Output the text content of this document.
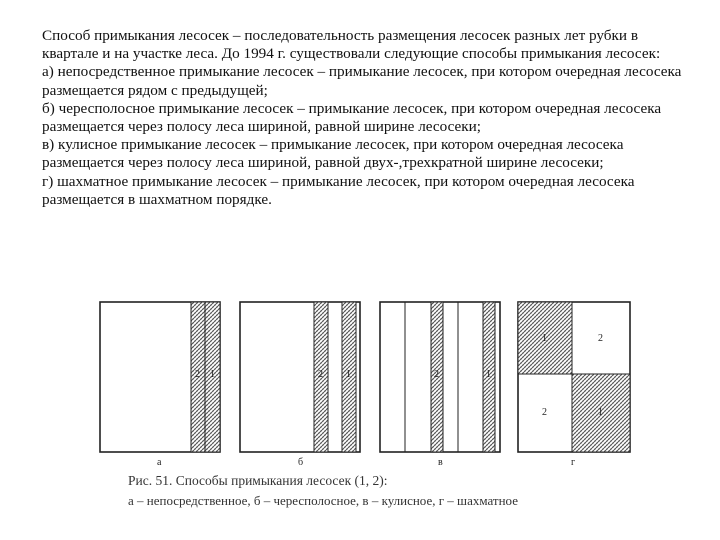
Способ примыкания лесосек – последовательность размещения лесосек разных лет рубки в квартале и на участке леса. До 1994 г. существовали следующие способы примыкания лесосек:

а) непосредственное примыкание лесосек – примыкание лесосек, при котором очередная лесосека размещается рядом с предыдущей;

б) чересполосное примыкание лесосек – примыкание лесосек, при котором очередная лесосека размещается через полосу леса шириной, равной ширине лесосеки;

в) кулисное примыкание лесосек – примыкание лесосек, при котором очередная лесосека размещается через полосу леса шириной, равной двух-,трехкратной ширине лесосеки;

г) шахматное примыкание лесосек – примыкание лесосек, при котором очередная лесосека размещается в шахматном порядке.

2 1	2 1	2	1
1	2
2	1
а	б	в	г
Рис. 51. Способы примыкания лесосек (1, 2):
а – непосредственное, б – чересполосное, в – кулисное, г – шахматное
